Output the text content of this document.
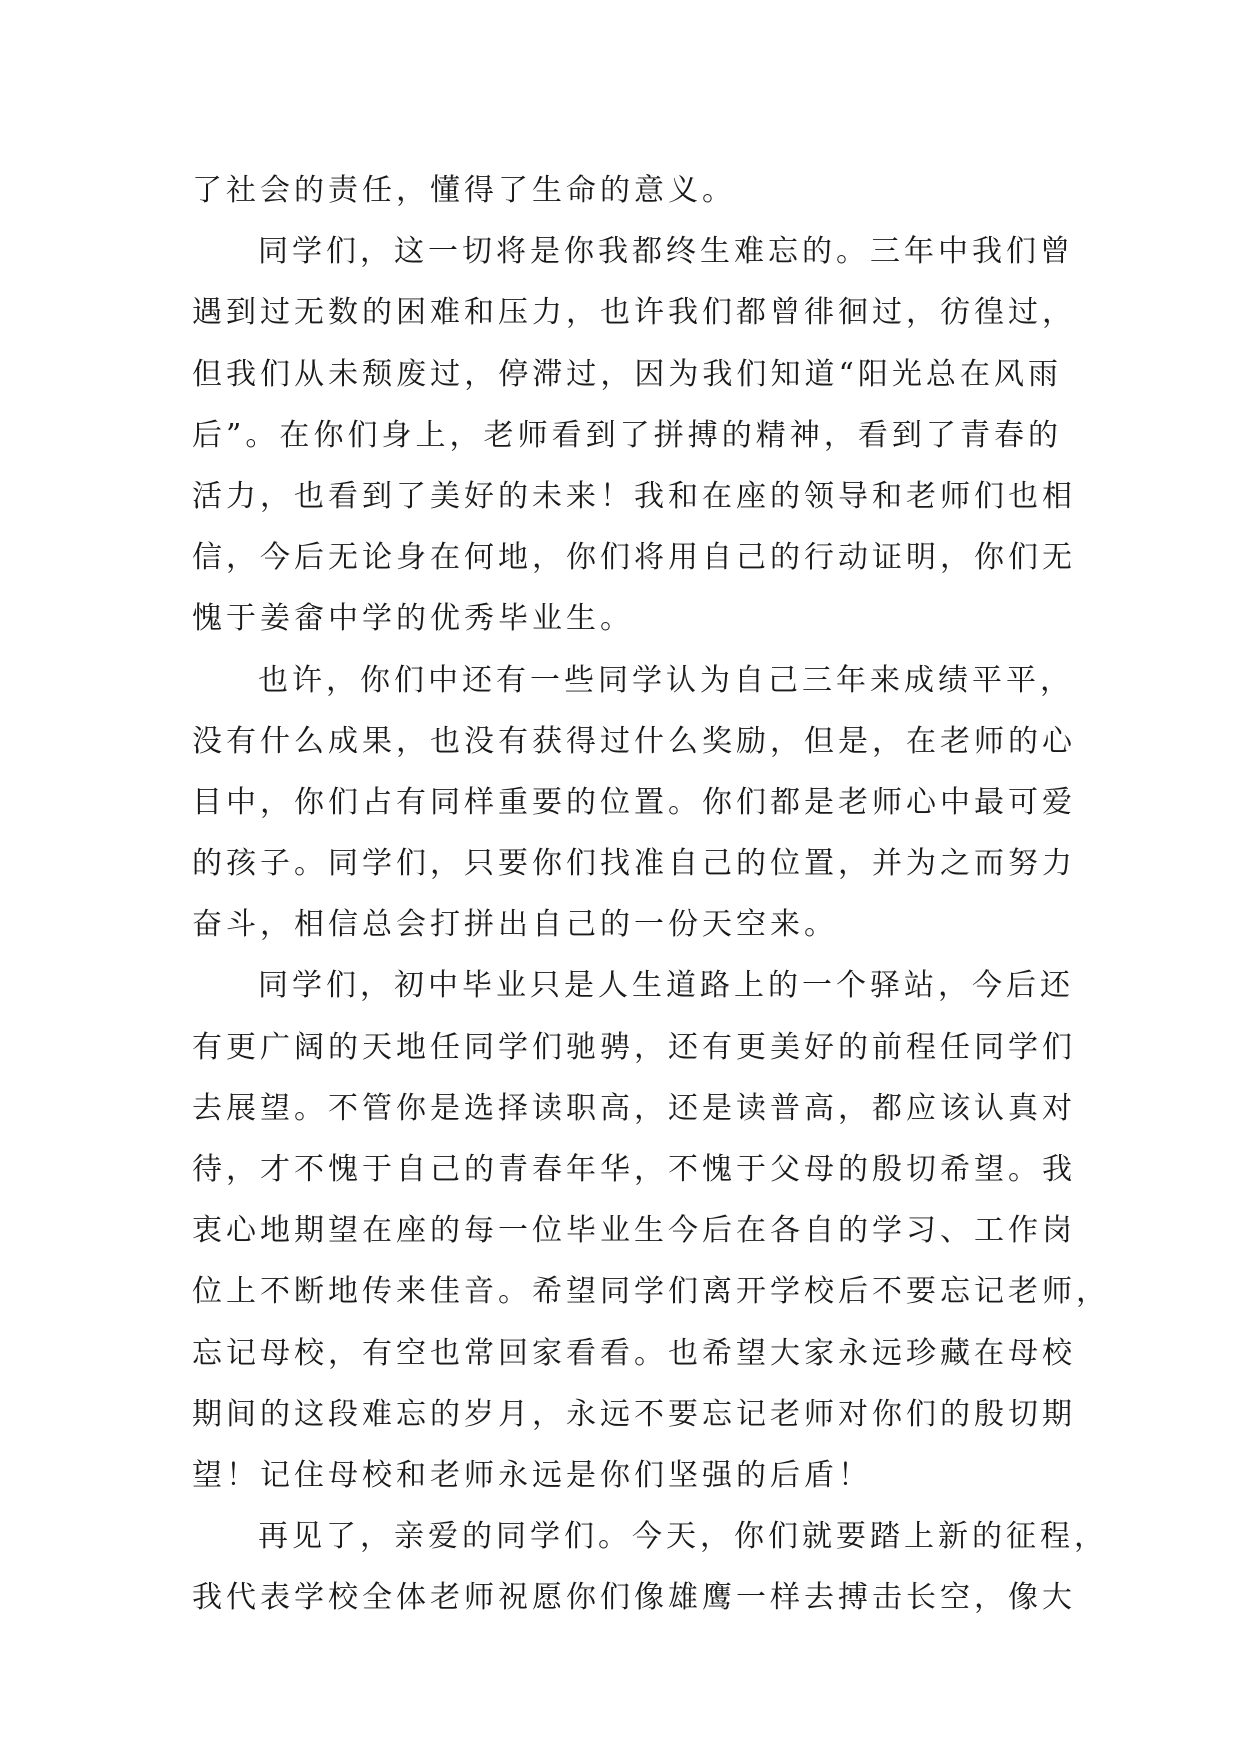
了社会的责任，懂得了生命的意义。
同学们，这一切将是你我都终生难忘的。三年中我们曾
遇到过无数的困难和压力，也许我们都曾徘徊过，彷徨过，
但我们从未颓废过，停滞过，因为我们知道“阳光总在风雨
后”。在你们身上，老师看到了拼搏的精神，看到了青春的
活力，也看到了美好的未来！我和在座的领导和老师们也相
信，今后无论身在何地，你们将用自己的行动证明，你们无
愧于姜畲中学的优秀毕业生。
也许，你们中还有一些同学认为自己三年来成绩平平，
没有什么成果，也没有获得过什么奖励，但是，在老师的心
目中，你们占有同样重要的位置。你们都是老师心中最可爱
的孩子。同学们，只要你们找准自己的位置，并为之而努力
奋斗，相信总会打拼出自己的一份天空来。
同学们，初中毕业只是人生道路上的一个驿站，今后还
有更广阔的天地任同学们驰骋，还有更美好的前程任同学们
去展望。不管你是选择读职高，还是读普高，都应该认真对
待，才不愧于自己的青春年华，不愧于父母的殷切希望。我
衷心地期望在座的每一位毕业生今后在各自的学习、工作岗
位上不断地传来佳音。希望同学们离开学校后不要忘记老师，
忘记母校，有空也常回家看看。也希望大家永远珍藏在母校
期间的这段难忘的岁月，永远不要忘记老师对你们的殷切期
望！记住母校和老师永远是你们坚强的后盾！
再见了，亲爱的同学们。今天，你们就要踏上新的征程，
我代表学校全体老师祝愿你们像雄鹰一样去搏击长空，像大
